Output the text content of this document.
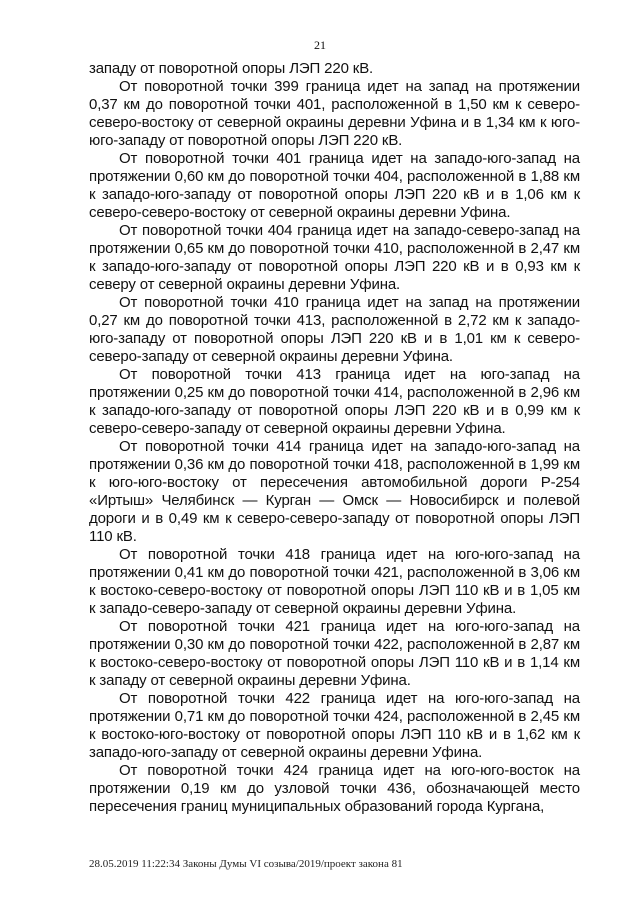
21

западу от поворотной опоры ЛЭП 220 кВ.

От поворотной точки 399 граница идет на запад на протяжении 0,37 км до поворотной точки 401, расположенной в 1,50 км к северо-северо-востоку от северной окраины деревни Уфина и в 1,34 км к юго-юго-западу от поворотной опоры ЛЭП 220 кВ.

От поворотной точки 401 граница идет на западо-юго-запад на протяжении 0,60 км до поворотной точки 404, расположенной в 1,88 км к западо-юго-западу от поворотной опоры ЛЭП 220 кВ и в 1,06 км к северо-северо-востоку от северной окраины деревни Уфина.

От поворотной точки 404 граница идет на западо-северо-запад на протяжении 0,65 км до поворотной точки 410, расположенной в 2,47 км к западо-юго-западу от поворотной опоры ЛЭП 220 кВ и в 0,93 км к северу от северной окраины деревни Уфина.

От поворотной точки 410 граница идет на запад на протяжении 0,27 км до поворотной точки 413, расположенной в 2,72 км к западо-юго-западу от поворотной опоры ЛЭП 220 кВ и в 1,01 км к северо-северо-западу от северной окраины деревни Уфина.

От поворотной точки 413 граница идет на юго-запад на протяжении 0,25 км до поворотной точки 414, расположенной в 2,96 км к западо-юго-западу от поворотной опоры ЛЭП 220 кВ и в 0,99 км к северо-северо-западу от северной окраины деревни Уфина.

От поворотной точки 414 граница идет на западо-юго-запад на протяжении 0,36 км до поворотной точки 418, расположенной в 1,99 км к юго-юго-востоку от пересечения автомобильной дороги Р-254 «Иртыш» Челябинск — Курган — Омск — Новосибирск и полевой дороги и в 0,49 км к северо-северо-западу от поворотной опоры ЛЭП 110 кВ.

От поворотной точки 418 граница идет на юго-юго-запад на протяжении 0,41 км до поворотной точки 421, расположенной в 3,06 км к востоко-северо-востоку от поворотной опоры ЛЭП 110 кВ и в 1,05 км к западо-северо-западу от северной окраины деревни Уфина.

От поворотной точки 421 граница идет на юго-юго-запад на протяжении 0,30 км до поворотной точки 422, расположенной в 2,87 км к востоко-северо-востоку от поворотной опоры ЛЭП 110 кВ и в 1,14 км к западу от северной окраины деревни Уфина.

От поворотной точки 422 граница идет на юго-юго-запад на протяжении 0,71 км до поворотной точки 424, расположенной в 2,45 км к востоко-юго-востоку от поворотной опоры ЛЭП 110 кВ и в 1,62 км к западо-юго-западу от северной окраины деревни Уфина.

От поворотной точки 424 граница идет на юго-юго-восток на протяжении 0,19 км до узловой точки 436, обозначающей место пересечения границ муниципальных образований города Кургана,

28.05.2019 11:22:34 Законы Думы VI созыва/2019/проект закона 81
